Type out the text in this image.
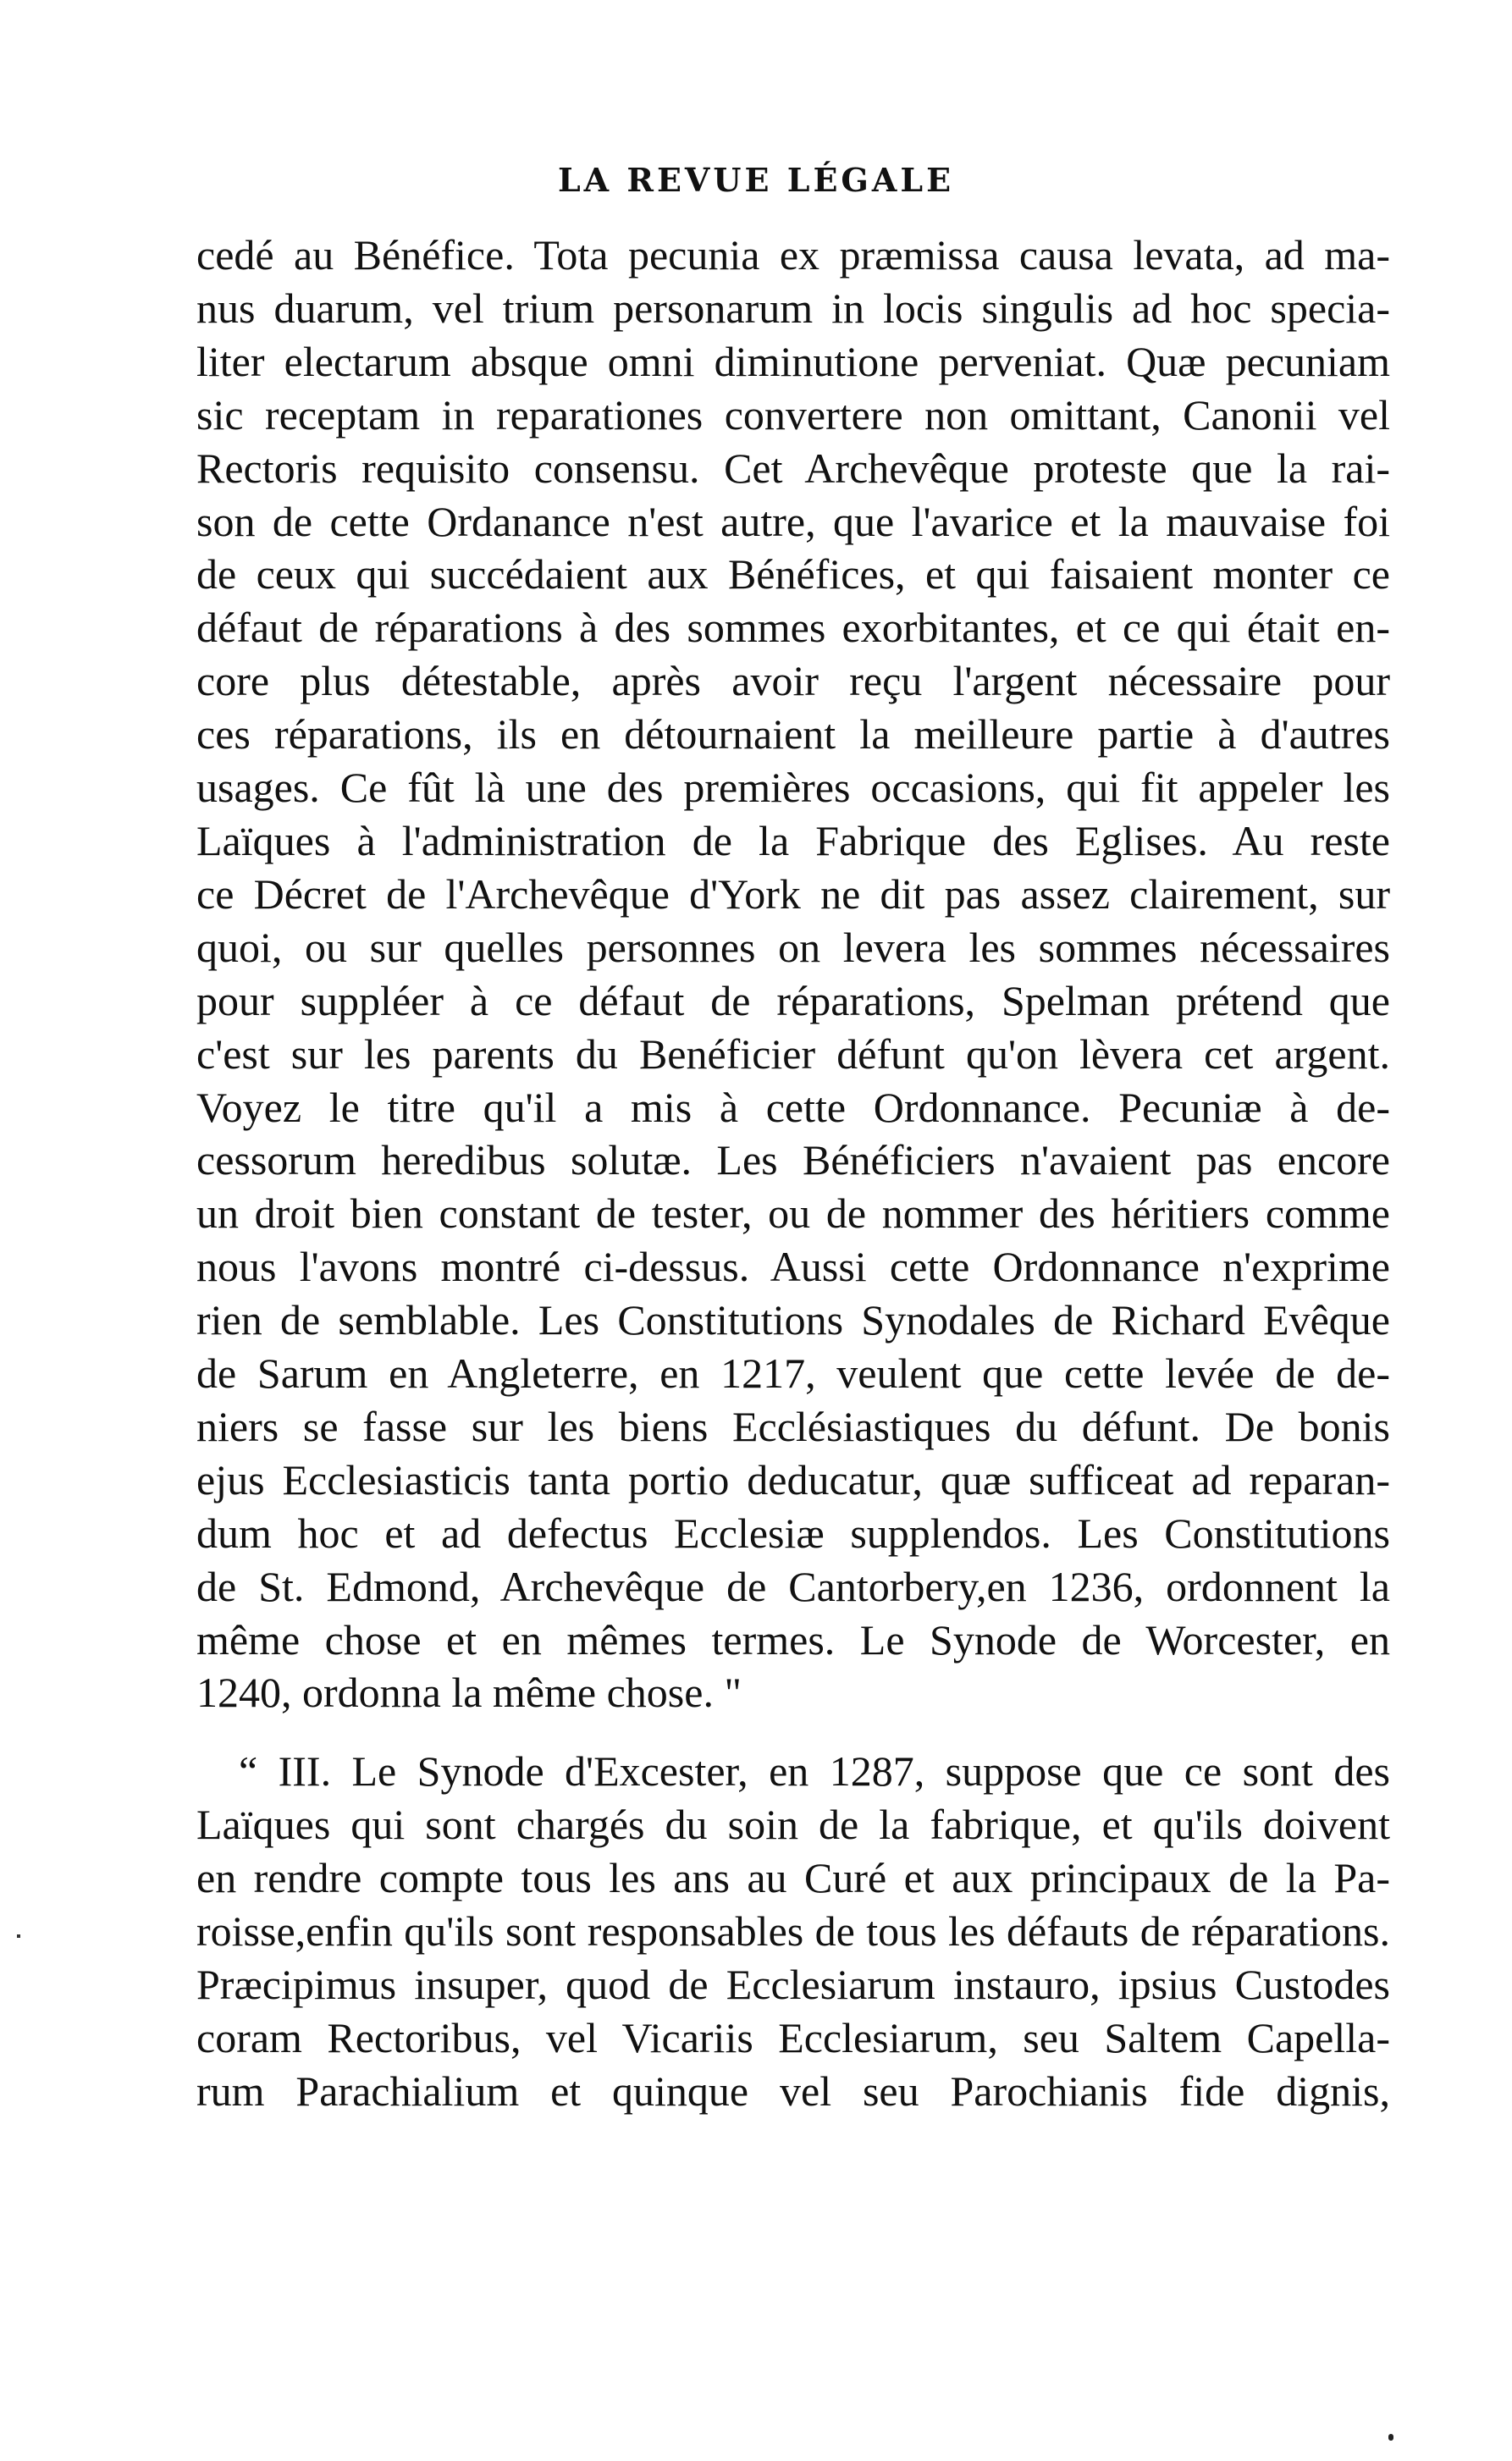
LA REVUE LÉGALE

cedé au Bénéfice. Tota pecunia ex præmissa causa levata, ad ma-
nus duarum, vel trium personarum in locis singulis ad hoc specia-
liter electarum absque omni diminutione perveniat. Quæ pecuniam
sic receptam in reparationes convertere non omittant, Canonii vel
Rectoris requisito consensu. Cet Archevêque proteste que la rai-
son de cette Ordanance n'est autre, que l'avarice et la mauvaise foi
de ceux qui succédaient aux Bénéfices, et qui faisaient monter ce
défaut de réparations à des sommes exorbitantes, et ce qui était en-
core plus détestable, après avoir reçu l'argent nécessaire pour
ces réparations, ils en détournaient la meilleure partie à d'autres
usages. Ce fût là une des premières occasions, qui fit appeler les
Laïques à l'administration de la Fabrique des Eglises. Au reste
ce Décret de l'Archevêque d'York ne dit pas assez clairement, sur
quoi, ou sur quelles personnes on levera les sommes nécessaires
pour suppléer à ce défaut de réparations, Spelman prétend que
c'est sur les parents du Benéficier défunt qu'on lèvera cet argent.
Voyez le titre qu'il a mis à cette Ordonnance. Pecuniæ à de-
cessorum heredibus solutæ. Les Bénéficiers n'avaient pas encore
un droit bien constant de tester, ou de nommer des héritiers comme
nous l'avons montré ci-dessus. Aussi cette Ordonnance n'exprime
rien de semblable. Les Constitutions Synodales de Richard Evêque
de Sarum en Angleterre, en 1217, veulent que cette levée de de-
niers se fasse sur les biens Ecclésiastiques du défunt. De bonis
ejus Ecclesiasticis tanta portio deducatur, quæ sufficeat ad reparan-
dum hoc et ad defectus Ecclesiæ supplendos. Les Constitutions
de St. Edmond, Archevêque de Cantorbery,en 1236, ordonnent la
même chose et en mêmes termes. Le Synode de Worcester, en
1240, ordonna la même chose. "

“ III. Le Synode d'Excester, en 1287, suppose que ce sont des
Laïques qui sont chargés du soin de la fabrique, et qu'ils doivent
en rendre compte tous les ans au Curé et aux principaux de la Pa-
roisse,enfin qu'ils sont responsables de tous les défauts de réparations.
Præcipimus insuper, quod de Ecclesiarum instauro, ipsius Custodes
coram Rectoribus, vel Vicariis Ecclesiarum, seu Saltem Capella-
rum Parachialium et quinque vel seu Parochianis fide dignis,
